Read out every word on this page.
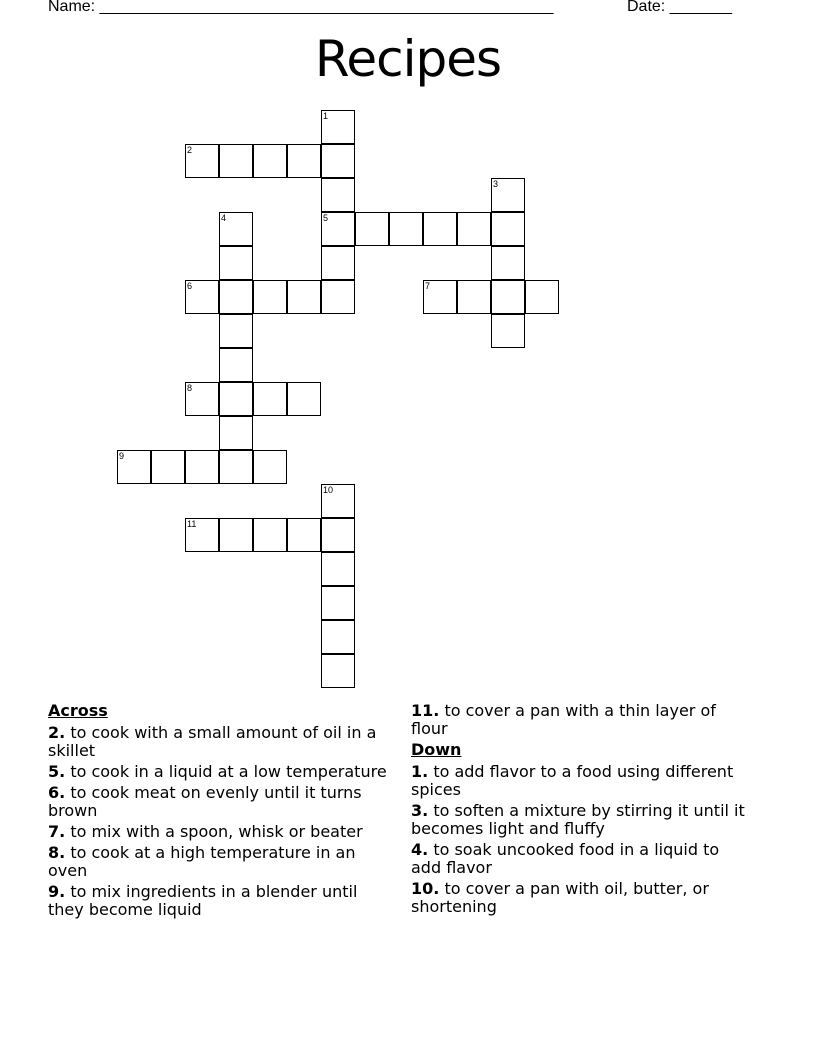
Name: ___________________________________________________	Date: _______
Recipes
1
2
3
4	5
6	7
8
9
10
11
Across
2. to cook with a small amount of oil in a skillet
5. to cook in a liquid at a low temperature
6. to cook meat on evenly until it turns brown
7. to mix with a spoon, whisk or beater
8. to cook at a high temperature in an oven
9. to mix ingredients in a blender until they become liquid
11. to cover a pan with a thin layer of flour
Down
1. to add flavor to a food using different spices
3. to soften a mixture by stirring it until it becomes light and fluffy
4. to soak uncooked food in a liquid to add flavor
10. to cover a pan with oil, butter, or shortening
